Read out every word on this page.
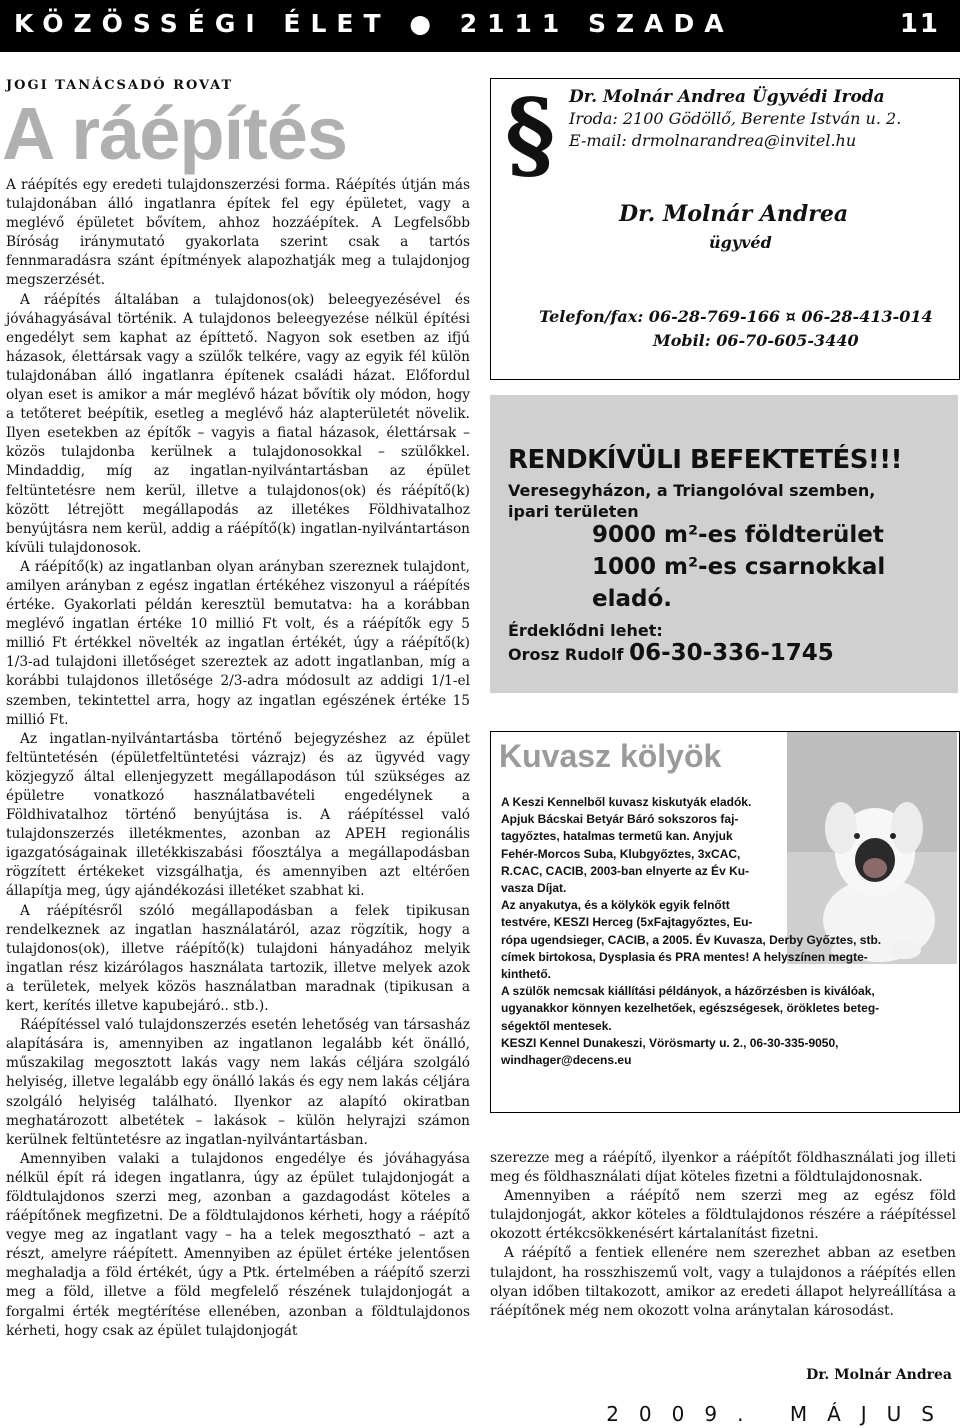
KÖZÖSSÉGI ÉLET ● 2111 SZADA	11
JOGI TANÁCSADÓ ROVAT
A ráépítés

A ráépítés egy eredeti tulajdonszerzési forma. Ráépítés útján más tulajdonában álló ingatlanra építek fel egy épületet, vagy a meglévő épületet bővítem, ahhoz hozzáépítek. A Legfelsőbb Bíróság iránymutató gyakorlata szerint csak a tartós fennmaradásra szánt építmények alapozhatják meg a tulajdonjog megszerzését.

A ráépítés általában a tulajdonos(ok) beleegyezésével és jóváhagyásával történik. A tulajdonos beleegyezése nélkül építési engedélyt sem kaphat az építtető. Nagyon sok esetben az ifjú házasok, élettársak vagy a szülők telkére, vagy az egyik fél külön tulajdonában álló ingatlanra építenek családi házat. Előfordul olyan eset is amikor a már meglévő házat bővítik oly módon, hogy a tetőteret beépítik, esetleg a meglévő ház alapterületét növelik. Ilyen esetekben az építők – vagyis a fiatal házasok, élettársak – közös tulajdonba kerülnek a tulajdonosokkal – szülőkkel. Mindaddig, míg az ingatlan-nyilvántartásban az épület feltüntetésre nem kerül, illetve a tulajdonos(ok) és ráépítő(k) között létrejött megállapodás az illetékes Földhivatalhoz benyújtásra nem kerül, addig a ráépítő(k) ingatlan-nyilvántartáson kívüli tulajdonosok.

A ráépítő(k) az ingatlanban olyan arányban szereznek tulajdont, amilyen arányban z egész ingatlan értékéhez viszonyul a ráépítés értéke. Gyakorlati példán keresztül bemutatva: ha a korábban meglévő ingatlan értéke 10 millió Ft volt, és a ráépítők egy 5 millió Ft értékkel növelték az ingatlan értékét, úgy a ráépítő(k) 1/3-ad tulajdoni illetőséget szereztek az adott ingatlanban, míg a korábbi tulajdonos illetősége 2/3-adra módosult az addigi 1/1-el szemben, tekintettel arra, hogy az ingatlan egészének értéke 15 millió Ft.

Az ingatlan-nyilvántartásba történő bejegyzéshez az épület feltüntetésén (épületfeltüntetési vázrajz) és az ügyvéd vagy közjegyző által ellenjegyzett megállapodáson túl szükséges az épületre vonatkozó használatbavételi engedélynek a Földhivatalhoz történő benyújtása is. A ráépítéssel való tulajdonszerzés illetékmentes, azonban az APEH regionális igazgatóságainak illetékkiszabási főosztálya a megállapodásban rögzített értékeket vizsgálhatja, és amennyiben azt eltérően állapítja meg, úgy ajándékozási illetéket szabhat ki.

A ráépítésről szóló megállapodásban a felek tipikusan rendelkeznek az ingatlan használatáról, azaz rögzítik, hogy a tulajdonos(ok), illetve ráépítő(k) tulajdoni hányadához melyik ingatlan rész kizárólagos használata tartozik, illetve melyek azok a területek, melyek közös használatban maradnak (tipikusan a kert, kerítés illetve kapubejáró.. stb.).

Ráépítéssel való tulajdonszerzés esetén lehetőség van társasház alapítására is, amennyiben az ingatlanon legalább két önálló, műszakilag megosztott lakás vagy nem lakás céljára szolgáló helyiség, illetve legalább egy önálló lakás és egy nem lakás céljára szolgáló helyiség található. Ilyenkor az alapító okiratban meghatározott albetétek – lakások – külön helyrajzi számon kerülnek feltüntetésre az ingatlan-nyilvántartásban.

Amennyiben valaki a tulajdonos engedélye és jóváhagyása nélkül épít rá idegen ingatlanra, úgy az épület tulajdonjogát a földtulajdonos szerzi meg, azonban a gazdagodást köteles a ráépítőnek megfizetni. De a földtulajdonos kérheti, hogy a ráépítő vegye meg az ingatlant vagy – ha a telek megosztható – azt a részt, amelyre ráépített. Amennyiben az épület értéke jelentősen meghaladja a föld értékét, úgy a Ptk. értelmében a ráépítő szerzi meg a föld, illetve a föld megfelelő részének tulajdonjogát a forgalmi érték megtérítése ellenében, azonban a földtulajdonos kérheti, hogy csak az épület tulajdonjogát

§ Dr. Molnár Andrea Ügyvédi Iroda
Iroda: 2100 Gödöllő, Berente István u. 2.
E-mail: drmolnarandrea@invitel.hu
Dr. Molnár Andrea
ügyvéd
Telefon/fax: 06-28-769-166 ¤ 06-28-413-014
Mobil: 06-70-605-3440
RENDKÍVÜLI BEFEKTETÉS!!!
Veresegyházon, a Triangolóval szemben,
ipari területen
9000 m²-es földterület
1000 m²-es csarnokkal
eladó.
Érdeklődni lehet:
Orosz Rudolf 06-30-336-1745
Kuvasz kölyök
A Keszi Kennelből kuvasz kiskutyák eladók.
Apjuk Bácskai Betyár Báró sokszoros faj-
tagyőztes, hatalmas termetű kan. Anyjuk
Fehér-Morcos Suba, Klubgyőztes, 3xCAC,
R.CAC, CACIB, 2003-ban elnyerte az Év Ku-
vasza Díjat.
Az anyakutya, és a kölykök egyik felnőtt
testvére, KESZI Herceg (5xFajtagyőztes, Eu-
rópa ugendsieger, CACIB, a 2005. Év Kuvasza, Derby Győztes, stb.
címek birtokosa, Dysplasia és PRA mentes! A helyszínen megte-
kinthető.
A szülők nemcsak kiállítási példányok, a házőrzésben is kiválóak,
ugyanakkor könnyen kezelhetőek, egészségesek, örökletes beteg-
ségektől mentesek.
KESZI Kennel Dunakeszi, Vörösmarty u. 2., 06-30-335-9050,
windhager@decens.eu

szerezze meg a ráépítő, ilyenkor a ráépítőt földhasználati jog illeti meg és földhasználati díjat köteles fizetni a földtulajdonosnak.

Amennyiben a ráépítő nem szerzi meg az egész föld tulajdonjogát, akkor köteles a földtulajdonos részére a ráépítéssel okozott értékcsökkenésért kártalanítást fizetni.

A ráépítő a fentiek ellenére nem szerezhet abban az esetben tulajdont, ha rosszhiszemű volt, vagy a tulajdonos a ráépítés ellen olyan időben tiltakozott, amikor az eredeti állapot helyreállítása a ráépítőnek még nem okozott volna aránytalan károsodást.

Dr. Molnár Andrea
2009. MÁJUS
